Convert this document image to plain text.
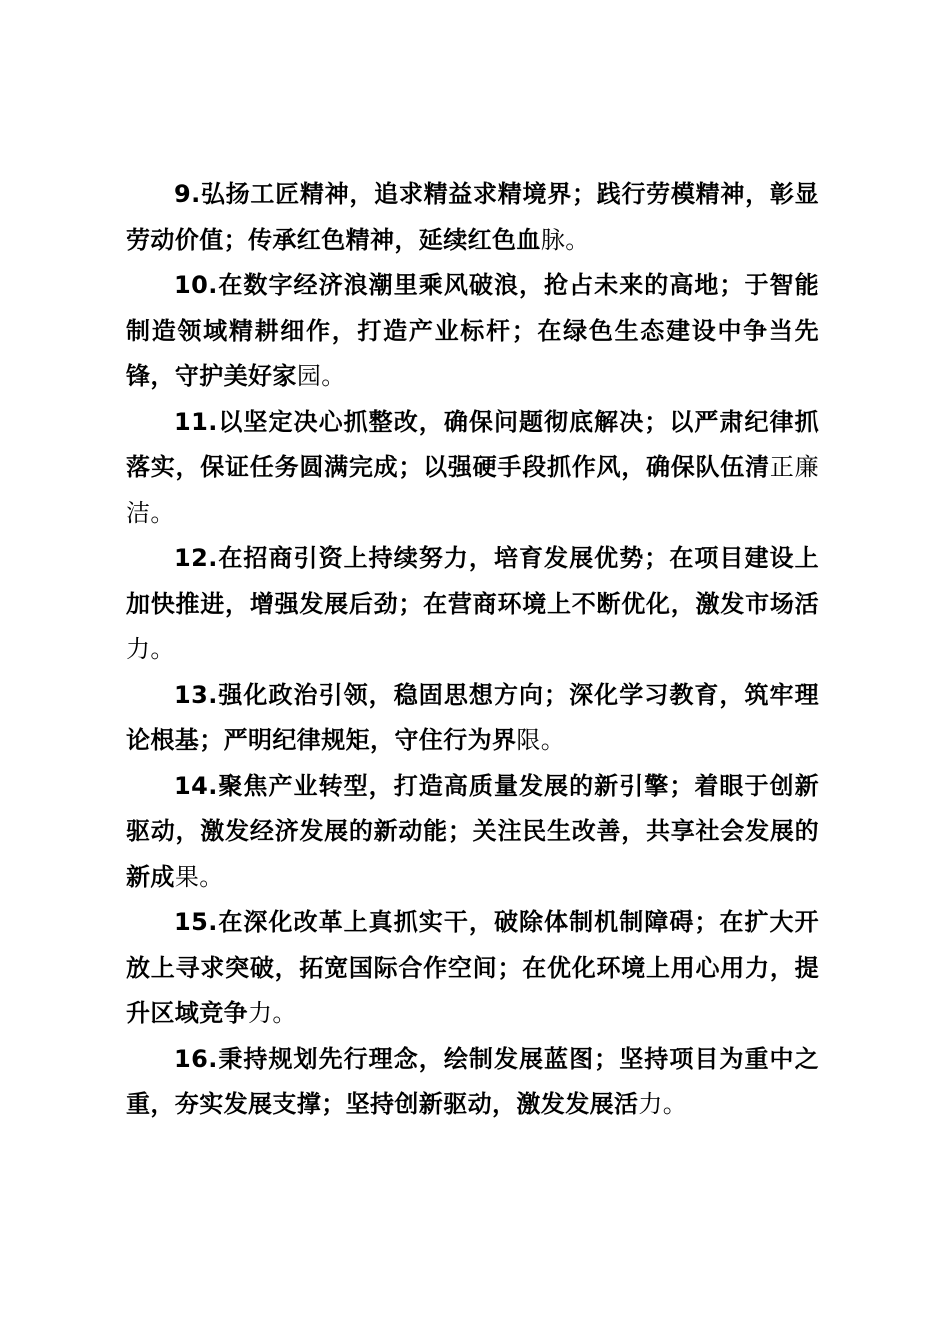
9.弘扬工匠精神，追求精益求精境界；践行劳模精神，彰显劳动价值；传承红色精神，延续红色血脉。

10.在数字经济浪潮里乘风破浪，抢占未来的高地；于智能制造领域精耕细作，打造产业标杆；在绿色生态建设中争当先锋，守护美好家园。

11.以坚定决心抓整改，确保问题彻底解决；以严肃纪律抓落实，保证任务圆满完成；以强硬手段抓作风，确保队伍清正廉洁。

12.在招商引资上持续努力，培育发展优势；在项目建设上加快推进，增强发展后劲；在营商环境上不断优化，激发市场活力。

13.强化政治引领，稳固思想方向；深化学习教育，筑牢理论根基；严明纪律规矩，守住行为界限。

14.聚焦产业转型，打造高质量发展的新引擎；着眼于创新驱动，激发经济发展的新动能；关注民生改善，共享社会发展的新成果。

15.在深化改革上真抓实干，破除体制机制障碍；在扩大开放上寻求突破，拓宽国际合作空间；在优化环境上用心用力，提升区域竞争力。

16.秉持规划先行理念，绘制发展蓝图；坚持项目为重中之重，夯实发展支撑；坚持创新驱动，激发发展活力。
